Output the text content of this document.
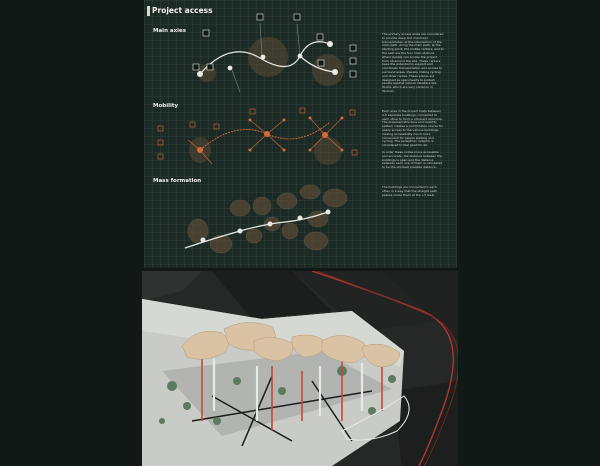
Project access
Main axies
Mobility
Mass formation
The primary access axies are considered to provide deep and maximum transportation at the intersection of the main path. Along the main path, at the starting point, the mobile centers, and to the east are the four main stations where people can access the project from all around the site. These centers have the potential to support and coordinate transportation and access to surround areas, thereby linking cycling and other routes. These places are designed as open hearts to protect people against natural disasters like floods, which are very common in Yerevan.
Each area in the project hosts between 4-5 separate buildings, connected to each other to form a coherent structure. The proposed structure and mobility pattern creates a comfortable course for easily access to the various buildings, making accessibility much more convenient for people walking and cycling. The pedestrian network is considered to feel good for all.
In order these routes more accessible and accurate, the distance between the buildings is open and the distance between each one of them is calculated to be the shortest possible distance.
The buildings are connected to each other in a way that the straight path passes under them at the +3 level.
